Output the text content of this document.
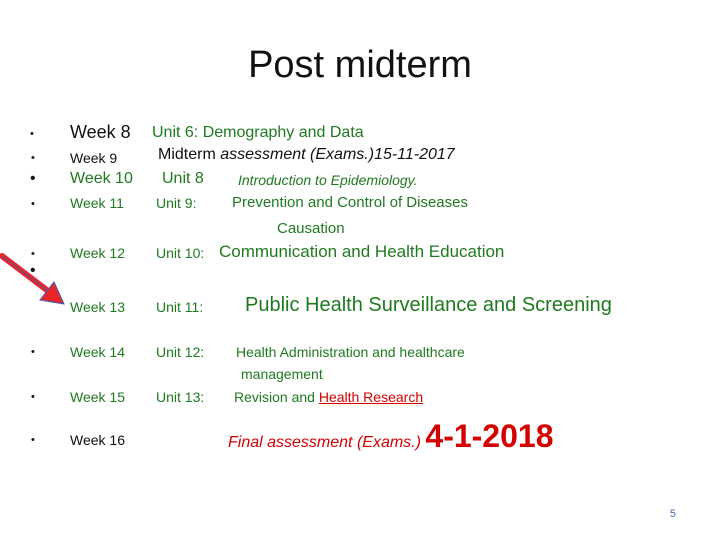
Post midterm
• Week 8 Unit 6: Demography and Data
•	Week 9	Midterm assessment (Exams.)15-11-2017
• Week 10 Unit 8 Introduction to Epidemiology.
•	Week 11 Unit 9: Prevention and Control of Diseases
Causation
•	Week 12 Unit 10: Communication and Health Education
•
Week 13 Unit 11: Public Health Surveillance and Screening
•	Week 14 Unit 12: Health Administration and healthcare
management
•	Week 15 Unit 13: Revision and Health Research
•	Week 16	Final assessment (Exams.) 4-1-2018
5
